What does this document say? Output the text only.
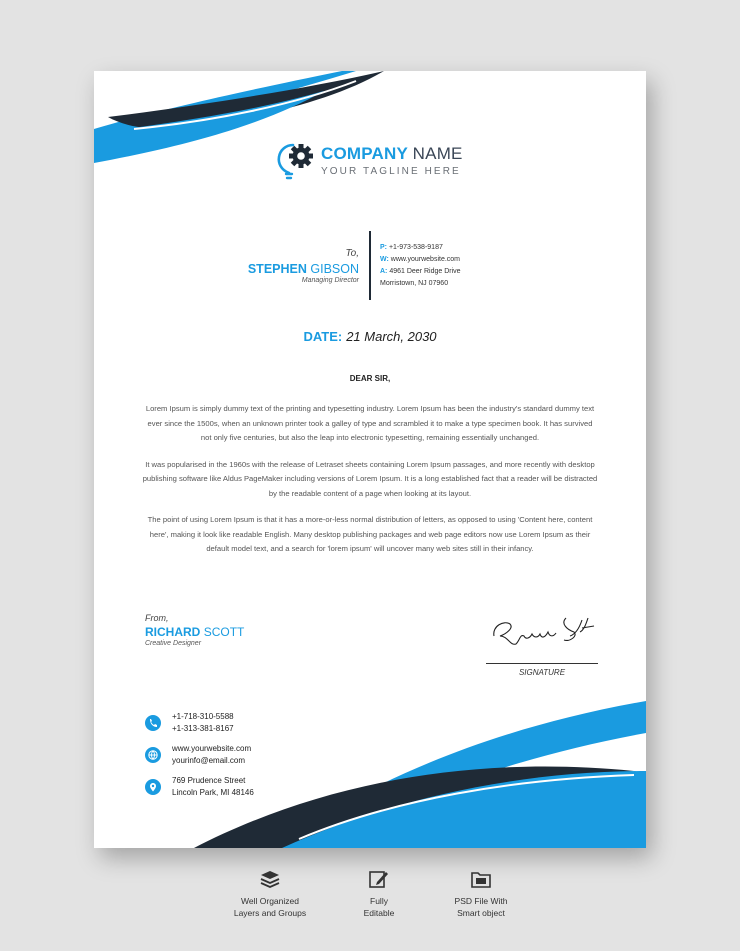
COMPANY NAME
YOUR TAGLINE HERE
To,
STEPHEN GIBSON
Managing Director
P: +1-973-538-9187
W: www.yourwebsite.com
A: 4961 Deer Ridge Drive
Morristown, NJ 07960
DATE: 21 March, 2030
DEAR SIR,

Lorem Ipsum is simply dummy text of the printing and typesetting industry. Lorem Ipsum has been the industry's standard dummy text ever since the 1500s, when an unknown printer took a galley of type and scrambled it to make a type specimen book. It has survived not only five centuries, but also the leap into electronic typesetting, remaining essentially unchanged.

It was popularised in the 1960s with the release of Letraset sheets containing Lorem Ipsum passages, and more recently with desktop publishing software like Aldus PageMaker including versions of Lorem Ipsum. It is a long established fact that a reader will be distracted by the readable content of a page when looking at its layout.

The point of using Lorem Ipsum is that it has a more-or-less normal distribution of letters, as opposed to using 'Content here, content here', making it look like readable English. Many desktop publishing packages and web page editors now use Lorem Ipsum as their default model text, and a search for 'lorem ipsum' will uncover many web sites still in their infancy.

From,
RICHARD SCOTT
Creative Designer
SIGNATURE
+1-718-310-5588
+1-313-381-8167
www.yourwebsite.com
yourinfo@email.com
769 Prudence Street
Lincoln Park, MI 48146
Well Organized
Layers and Groups
Fully
Editable
PSD File With
Smart object
